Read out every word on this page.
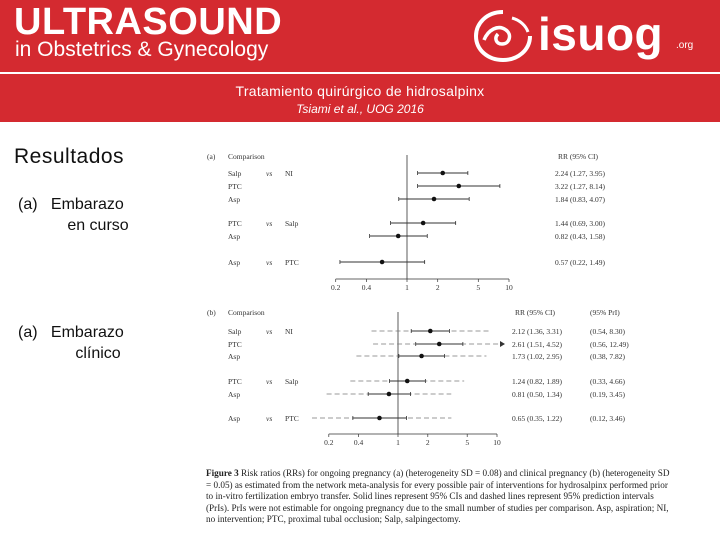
ULTRASOUND
in Obstetrics & Gynecology	isuog .org
Tratamiento quirúrgico de hidrosalpinx
Tsiami et al., UOG 2016
Resultados
(a) Embarazo
en curso
(a) Embarazo
clínico
(a) Comparison	RR (95% CI)
0.2	0.4	1	2	5	10
Salp	vs NI	2.24 (1.27, 3.95)
PTC	3.22 (1.27, 8.14)
Asp	1.84 (0.83, 4.07)
PTC	vs Salp	1.44 (0.69, 3.00)
Asp	0.82 (0.43, 1.58)
Asp	vs PTC	0.57 (0.22, 1.49)
(b) Comparison	RR (95% CI)	(95% PrI)
0.2	0.4	1	2	5	10
Salp	vs NI	2.12 (1.36, 3.31)	(0.54, 8.30)
PTC	2.61 (1.51, 4.52)	(0.56, 12.49)
Asp	1.73 (1.02, 2.95)	(0.38, 7.82)
PTC	vs Salp	1.24 (0.82, 1.89)	(0.33, 4.66)
Asp	0.81 (0.50, 1.34)	(0.19, 3.45)
Asp	vs PTC	0.65 (0.35, 1.22)	(0.12, 3.46)
Figure 3 Risk ratios (RRs) for ongoing pregnancy (a) (heterogeneity SD = 0.08) and clinical pregnancy (b) (heterogeneity SD = 0.05) as estimated from the network meta-analysis for every possible pair of interventions for hydrosalpinx performed prior to in-vitro fertilization embryo transfer. Solid lines represent 95% CIs and dashed lines represent 95% prediction intervals (PrIs). PrIs were not estimable for ongoing pregnancy due to the small number of studies per comparison. Asp, aspiration; NI, no intervention; PTC, proximal tubal occlusion; Salp, salpingectomy.
